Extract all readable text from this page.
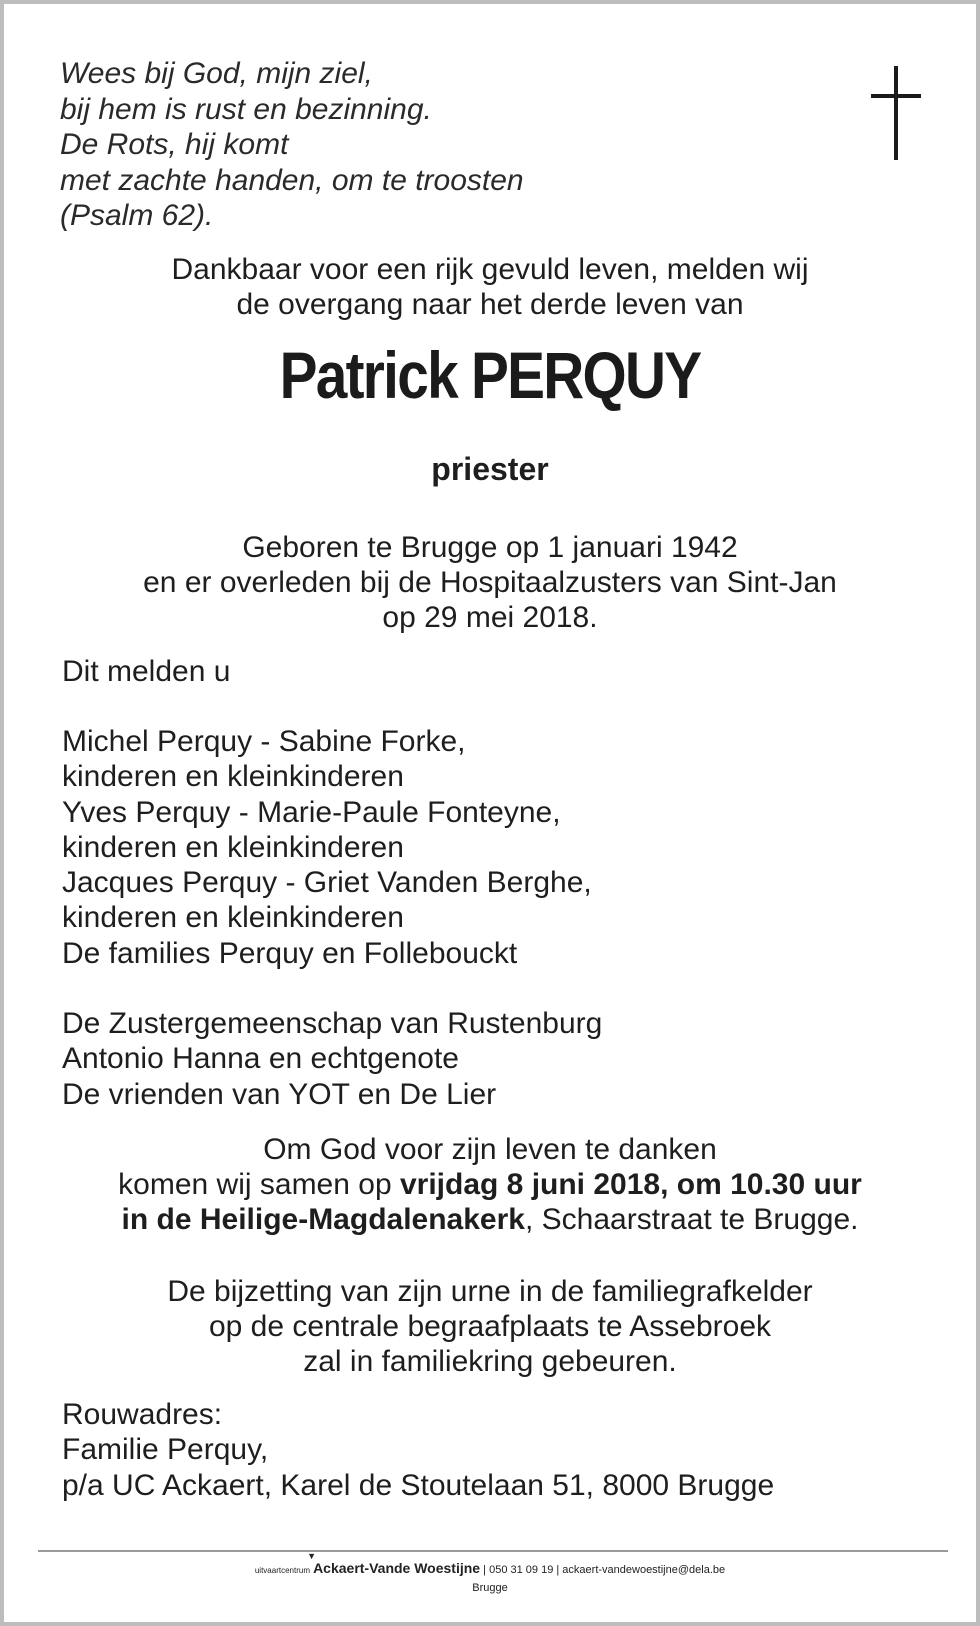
Wees bij God, mijn ziel,
bij hem is rust en bezinning.
De Rots, hij komt
met zachte handen, om te troosten
(Psalm 62).
Dankbaar voor een rijk gevuld leven, melden wij
de overgang naar het derde leven van
Patrick PERQUY
priester
Geboren te Brugge op 1 januari 1942
en er overleden bij de Hospitaalzusters van Sint-Jan
op 29 mei 2018.
Dit melden u
Michel Perquy - Sabine Forke,
kinderen en kleinkinderen
Yves Perquy - Marie-Paule Fonteyne,
kinderen en kleinkinderen
Jacques Perquy - Griet Vanden Berghe,
kinderen en kleinkinderen
De families Perquy en Follebouckt
De Zustergemeenschap van Rustenburg
Antonio Hanna en echtgenote
De vrienden van YOT en De Lier
Om God voor zijn leven te danken
komen wij samen op vrijdag 8 juni 2018, om 10.30 uur
in de Heilige-Magdalenakerk, Schaarstraat te Brugge.
De bijzetting van zijn urne in de familiegrafkelder
op de centrale begraafplaats te Assebroek
zal in familiekring gebeuren.
Rouwadres:
Familie Perquy,
p/a UC Ackaert, Karel de Stoutelaan 51, 8000 Brugge
uitvaartcentrum
▼
Ackaert-Vande Woestijne | 050 31 09 19 | ackaert-vandewoestijne@dela.be
Brugge
